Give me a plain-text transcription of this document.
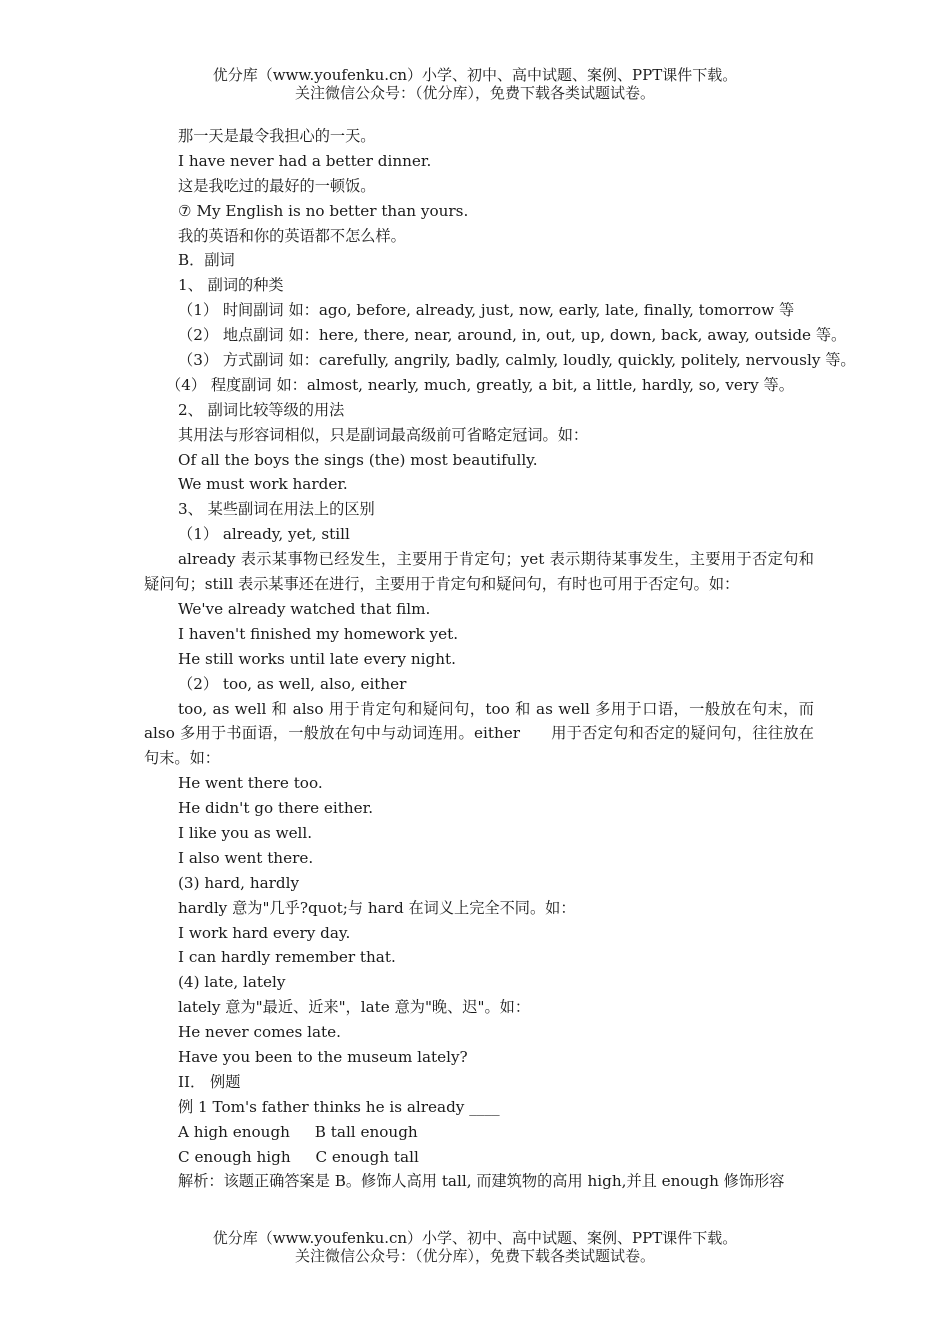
优分库（www.youfenku.cn）小学、初中、高中试题、案例、PPT课件下载。
关注微信公众号：（优分库），免费下载各类试题试卷。
那一天是最令我担心的一天。
I have never had a better dinner.
这是我吃过的最好的一顿饭。
⑦ My English is no better than yours.
我的英语和你的英语都不怎么样。
B．副词
1、 副词的种类
（1） 时间副词 如：ago, before, already, just, now, early, late, finally, tomorrow 等
（2） 地点副词 如：here, there, near, around, in, out, up, down, back, away, outside 等。
（3） 方式副词 如：carefully, angrily, badly, calmly, loudly, quickly, politely, nervously 等。
（4） 程度副词 如：almost, nearly, much, greatly, a bit, a little, hardly, so, very 等。
2、 副词比较等级的用法
其用法与形容词相似，只是副词最高级前可省略定冠词。如：
Of all the boys the sings (the) most beautifully.
We must work harder.
3、 某些副词在用法上的区别
（1） already, yet, still
already 表示某事物已经发生，主要用于肯定句；yet 表示期待某事发生，主要用于否定句和疑问句；still 表示某事还在进行，主要用于肯定句和疑问句，有时也可用于否定句。如：
We've already watched that film.
I haven't finished my homework yet.
He still works until late every night.
（2） too, as well, also, either
too, as well 和 also 用于肯定句和疑问句，too 和 as well 多用于口语，一般放在句末，而 also 多用于书面语，一般放在句中与动词连用。either　　用于否定句和否定的疑问句，往往放在句末。如：
He went there too.
He didn't go there either.
I like you as well.
I also went there.
(3) hard, hardly
hardly 意为"几乎?quot;与 hard 在词义上完全不同。如：
I work hard every day.
I can hardly remember that.
(4) late, lately
lately 意为"最近、近来"，late 意为"晚、迟"。如：
He never comes late.
Have you been to the museum lately?
II． 例题
例 1 Tom's father thinks he is already ____
A high enough 　 B tall enough
C enough high 　 C enough tall
解析：该题正确答案是 B。修饰人高用 tall, 而建筑物的高用 high,并且 enough 修饰形容
优分库（www.youfenku.cn）小学、初中、高中试题、案例、PPT课件下载。
关注微信公众号：（优分库），免费下载各类试题试卷。
